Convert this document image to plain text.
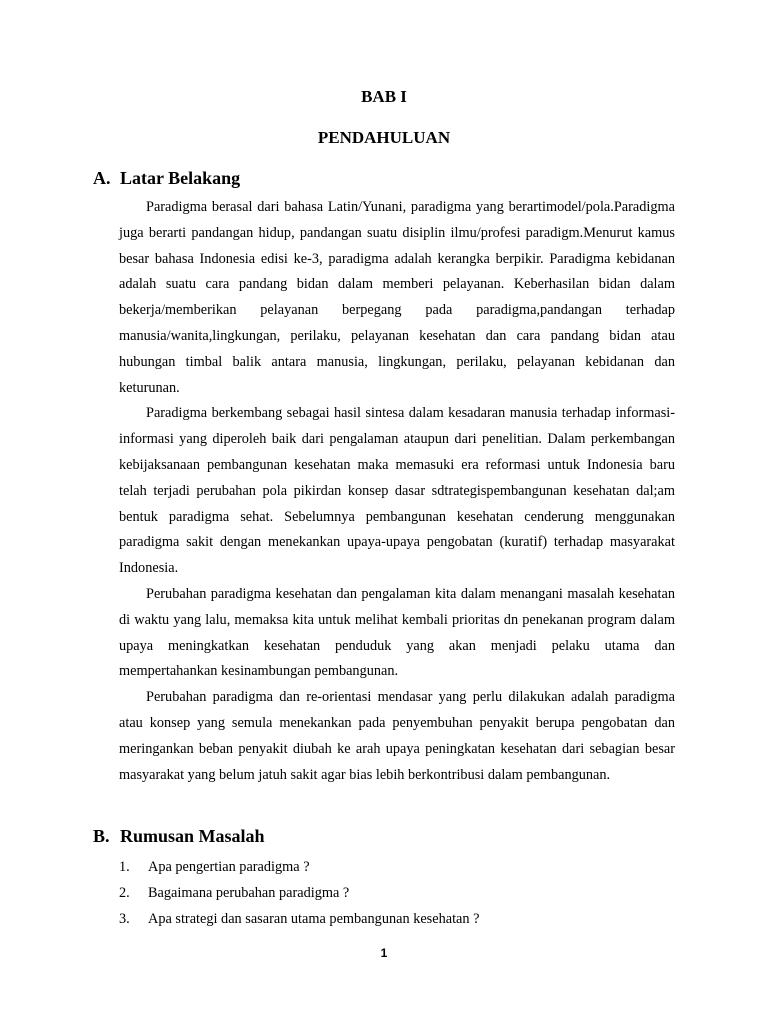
BAB I
PENDAHULUAN
A. Latar Belakang

Paradigma berasal dari bahasa Latin/Yunani, paradigma yang berartimodel/pola.Paradigma juga berarti pandangan hidup, pandangan suatu disiplin ilmu/profesi paradigm.Menurut kamus besar bahasa Indonesia edisi ke-3, paradigma adalah kerangka berpikir. Paradigma kebidanan adalah suatu cara pandang bidan dalam memberi pelayanan. Keberhasilan bidan dalam bekerja/memberikan pelayanan berpegang pada paradigma,pandangan terhadap manusia/wanita,lingkungan, perilaku, pelayanan kesehatan dan cara pandang bidan atau hubungan timbal balik antara manusia, lingkungan, perilaku, pelayanan kebidanan dan keturunan.

Paradigma berkembang sebagai hasil sintesa dalam kesadaran manusia terhadap informasi-informasi yang diperoleh baik dari pengalaman ataupun dari penelitian. Dalam perkembangan kebijaksanaan pembangunan kesehatan maka memasuki era reformasi untuk Indonesia baru telah terjadi perubahan pola pikirdan konsep dasar sdtrategispembangunan kesehatan dal;am bentuk paradigma sehat. Sebelumnya pembangunan kesehatan cenderung menggunakan paradigma sakit dengan menekankan upaya-upaya pengobatan (kuratif) terhadap masyarakat Indonesia.

Perubahan paradigma kesehatan dan pengalaman kita dalam menangani masalah kesehatan di waktu yang lalu, memaksa kita untuk melihat kembali prioritas dn penekanan program dalam upaya meningkatkan kesehatan penduduk yang akan menjadi pelaku utama dan mempertahankan kesinambungan pembangunan.

Perubahan paradigma dan re-orientasi mendasar yang perlu dilakukan adalah paradigma atau konsep yang semula menekankan pada penyembuhan penyakit berupa pengobatan dan meringankan beban penyakit diubah ke arah upaya peningkatan kesehatan dari sebagian besar masyarakat yang belum jatuh sakit agar bias lebih berkontribusi dalam pembangunan.

B. Rumusan Masalah
1. Apa pengertian paradigma ?
2. Bagaimana perubahan paradigma ?
3. Apa strategi dan sasaran utama pembangunan kesehatan ?
1
